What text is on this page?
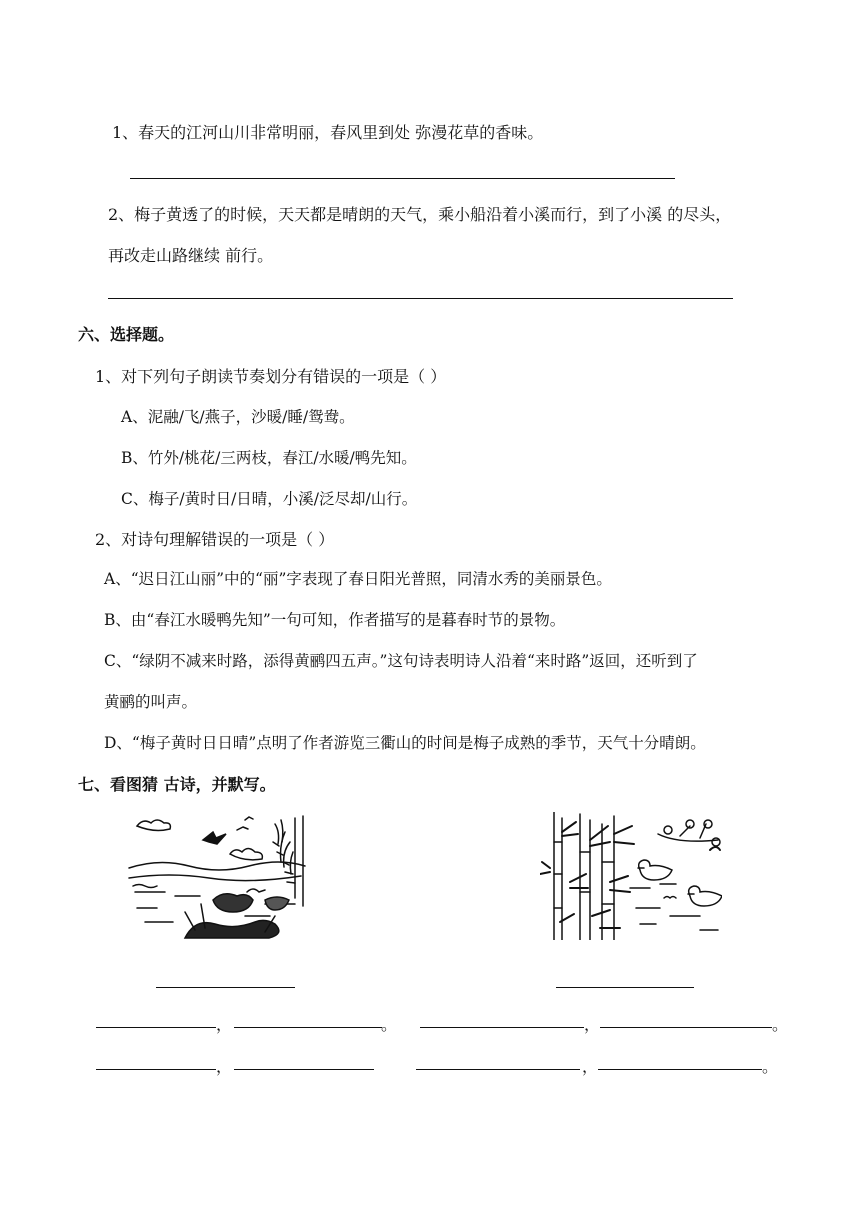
1、春天的江河山川非常明丽，春风里到处 弥漫花草的香味。
2、梅子黄透了的时候，天天都是晴朗的天气，乘小船沿着小溪而行，到了小溪 的尽头，
再改走山路继续 前行。
六、选择题。
1、对下列句子朗读节奏划分有错误的一项是（ ）
A、泥融/飞/燕子，沙暖/睡/鸳鸯。
B、竹外/桃花/三两枝，春江/水暖/鸭先知。
C、梅子/黄时日/日晴，小溪/泛尽却/山行。
2、对诗句理解错误的一项是（ ）
A、“迟日江山丽”中的“丽”字表现了春日阳光普照，同清水秀的美丽景色。
B、由“春江水暖鸭先知”一句可知，作者描写的是暮春时节的景物。
C、“绿阴不减来时路，添得黄鹂四五声。”这句诗表明诗人沿着“来时路”返回，还听到了
黄鹂的叫声。
D、“梅子黄时日日晴”点明了作者游览三衢山的时间是梅子成熟的季节，天气十分晴朗。
七、看图猜 古诗，并默写。
，	。
，
，	。
，	。
